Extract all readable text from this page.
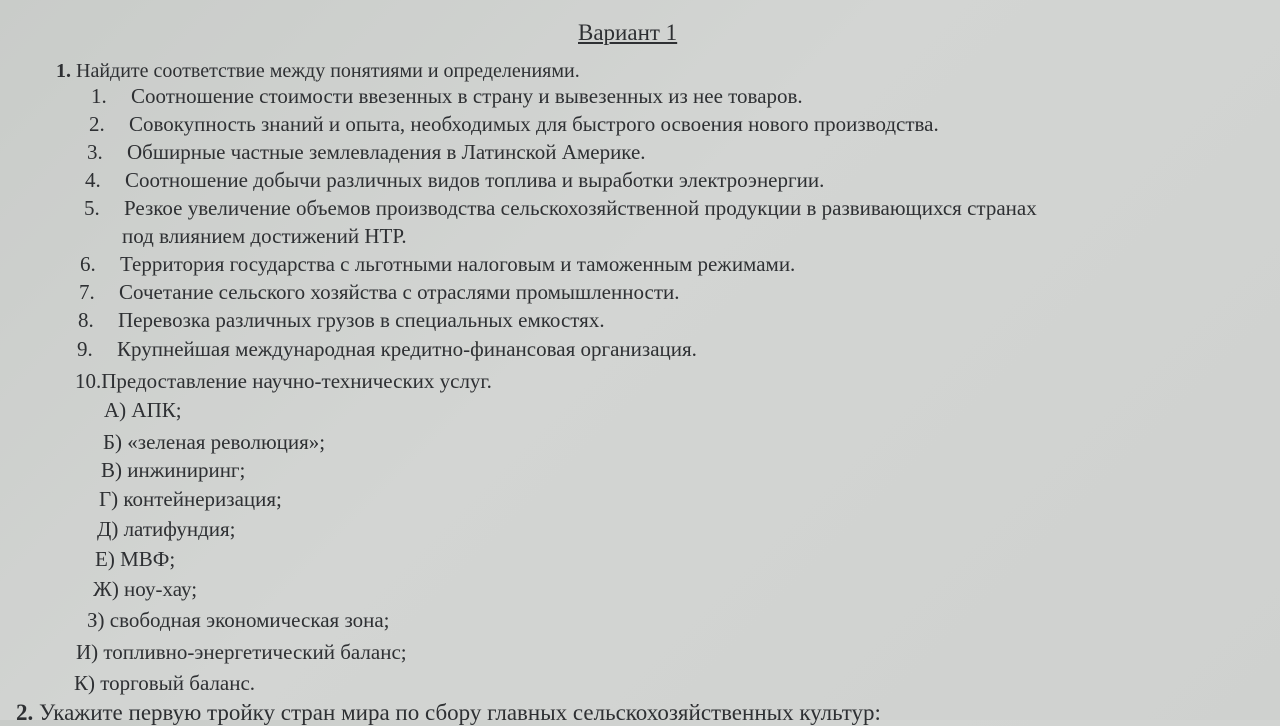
Вариант 1
1. Найдите соответствие между понятиями и определениями.
1. Соотношение стоимости ввезенных в страну и вывезенных из нее товаров.
2. Совокупность знаний и опыта, необходимых для быстрого освоения нового производства.
3. Обширные частные землевладения в Латинской Америке.
4. Соотношение добычи различных видов топлива и выработки электроэнергии.
5. Резкое увеличение объемов производства сельскохозяйственной продукции в развивающихся странах
под влиянием достижений НТР.
6. Территория государства с льготными налоговым и таможенным режимами.
7. Сочетание сельского хозяйства с отраслями промышленности.
8. Перевозка различных грузов в специальных емкостях.
9. Крупнейшая международная кредитно-финансовая организация.
10.Предоставление научно-технических услуг.
А) АПК;
Б) «зеленая революция»;
В) инжиниринг;
Г) контейнеризация;
Д) латифундия;
Е) МВФ;
Ж) ноу-хау;
З) свободная экономическая зона;
И) топливно-энергетический баланс;
К) торговый баланс.
2. Укажите первую тройку стран мира по сбору главных сельскохозяйственных культур:
